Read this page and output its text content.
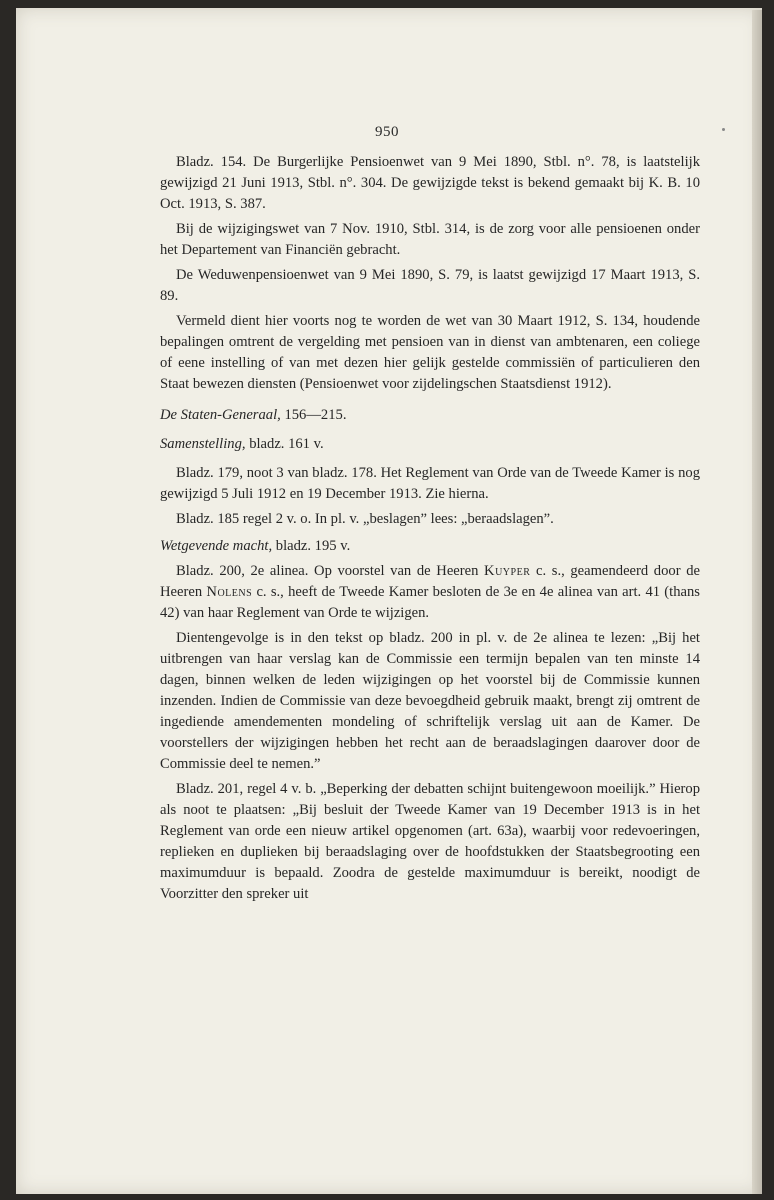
950

Bladz. 154. De Burgerlijke Pensioenwet van 9 Mei 1890, Stbl. n°. 78, is laatstelijk gewijzigd 21 Juni 1913, Stbl. n°. 304. De gewijzigde tekst is bekend gemaakt bij K. B. 10 Oct. 1913, S. 387.

Bij de wijzigingswet van 7 Nov. 1910, Stbl. 314, is de zorg voor alle pensioenen onder het Departement van Financiën gebracht.

De Weduwenpensioenwet van 9 Mei 1890, S. 79, is laatst gewijzigd 17 Maart 1913, S. 89.

Vermeld dient hier voorts nog te worden de wet van 30 Maart 1912, S. 134, houdende bepalingen omtrent de vergelding met pensioen van in dienst van ambtenaren, een coliege of eene instelling of van met dezen hier gelijk gestelde commissiën of particulieren den Staat bewezen diensten (Pensioenwet voor zijdelingschen Staatsdienst 1912).

De Staten-Generaal, 156—215.

Samenstelling, bladz. 161 v.

Bladz. 179, noot 3 van bladz. 178. Het Reglement van Orde van de Tweede Kamer is nog gewijzigd 5 Juli 1912 en 19 December 1913. Zie hierna.

Bladz. 185 regel 2 v. o. In pl. v. „beslagen” lees: „beraadslagen”.

Wetgevende macht, bladz. 195 v.

Bladz. 200, 2e alinea. Op voorstel van de Heeren Kuyper c. s., geamendeerd door de Heeren Nolens c. s., heeft de Tweede Kamer besloten de 3e en 4e alinea van art. 41 (thans 42) van haar Reglement van Orde te wijzigen.

Dientengevolge is in den tekst op bladz. 200 in pl. v. de 2e alinea te lezen: „Bij het uitbrengen van haar verslag kan de Commissie een termijn bepalen van ten minste 14 dagen, binnen welken de leden wijzigingen op het voorstel bij de Commissie kunnen inzenden. Indien de Commissie van deze bevoegdheid gebruik maakt, brengt zij omtrent de ingediende amendementen mondeling of schriftelijk verslag uit aan de Kamer. De voorstellers der wijzigingen hebben het recht aan de beraadslagingen daarover door de Commissie deel te nemen.”

Bladz. 201, regel 4 v. b. „Beperking der debatten schijnt buitengewoon moeilijk.” Hierop als noot te plaatsen: „Bij besluit der Tweede Kamer van 19 December 1913 is in het Reglement van orde een nieuw artikel opgenomen (art. 63a), waarbij voor redevoeringen, replieken en duplieken bij beraadslaging over de hoofdstukken der Staatsbegrooting een maximumduur is bepaald. Zoodra de gestelde maximumduur is bereikt, noodigt de Voorzitter den spreker uit
